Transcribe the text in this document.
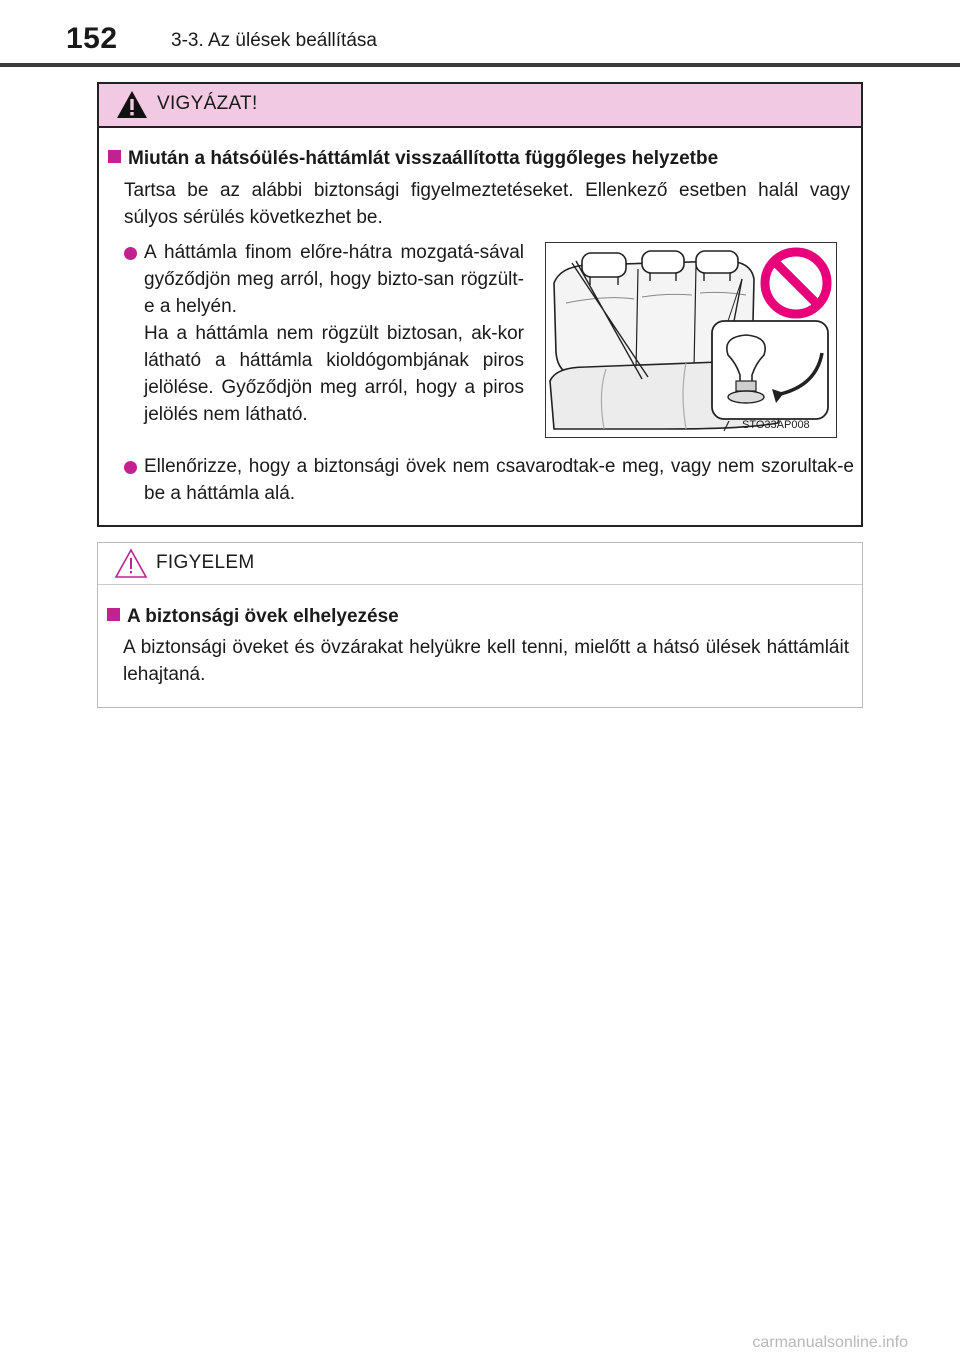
152	3-3. Az ülések beállítása
VIGYÁZAT!
Miután a hátsóülés-háttámlát visszaállította függőleges helyzetbe
Tartsa be az alábbi biztonsági figyelmeztetéseket. Ellenkező esetben halál vagy súlyos sérülés következhet be.
A háttámla finom előre-hátra mozgatá-sával győződjön meg arról, hogy bizto-san rögzült-e a helyén.
Ha a háttámla nem rögzült biztosan, ak-kor látható a háttámla kioldógombjának piros jelölése. Győződjön meg arról, hogy a piros jelölés nem látható.
Ellenőrizze, hogy a biztonsági övek nem csavarodtak-e meg, vagy nem szorultak-e be a háttámla alá.
STO33AP008
FIGYELEM
A biztonsági övek elhelyezése
A biztonsági öveket és övzárakat helyükre kell tenni, mielőtt a hátsó ülések háttámláit lehajtaná.
carmanualsonline.info
